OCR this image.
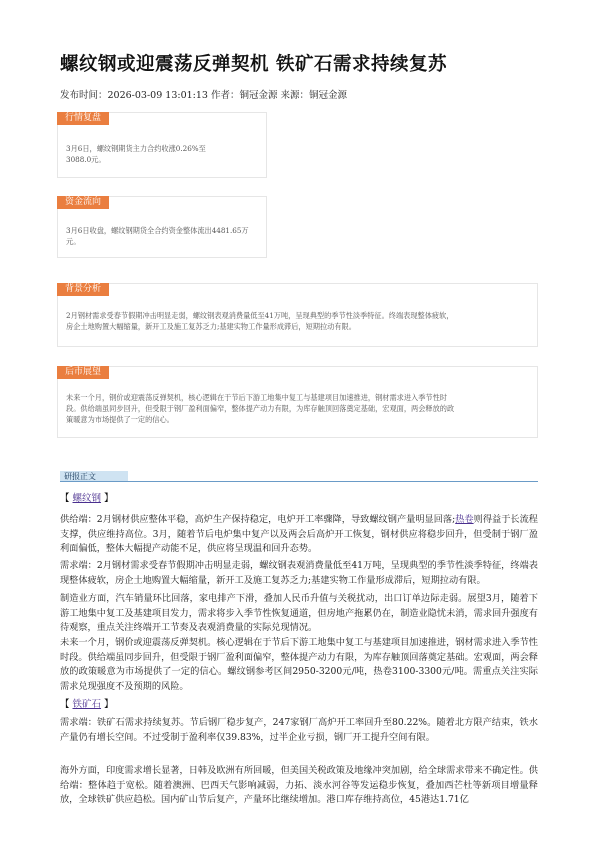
螺纹钢或迎震荡反弹契机 铁矿石需求持续复苏
发布时间：2026-03-09 13:01:13 作者：铜冠金源 来源：铜冠金源
行情复盘
3月6日，螺纹钢期货主力合约收涨0.26%至
3088.0元。
资金流向
3月6日收盘，螺纹钢期货全合约资金整体流出4481.65万
元。
背景分析
2月钢材需求受春节假期冲击明显走弱，螺纹钢表观消费量低至41万吨，呈现典型的季节性淡季特征。终端表现整体疲软，
房企土地购置大幅缩量，新开工及施工复苏乏力;基建实物工作量形成滞后，短期拉动有限。
后市展望
未来一个月，钢价或迎震荡反弹契机，核心逻辑在于节后下游工地集中复工与基建项目加速推进，钢材需求进入季节性时
段。供给端虽同步回升，但受限于钢厂盈利面偏窄，整体提产动力有限，为库存触顶回落奠定基础，宏观面，两会释放的政
策暖意为市场提供了一定的信心。
研报正文
【 螺纹钢 】
供给端：2月钢材供应整体平稳，高炉生产保持稳定，电炉开工率骤降，导致螺纹钢产量明显回落;热卷则得益于长流程支撑，供应维持高位。3月，随着节后电炉集中复产以及两会后高炉开工恢复，钢材供应将稳步回升，但受制于钢厂盈利面偏低，整体大幅提产动能不足，供应将呈现温和回升态势。
需求端：2月钢材需求受春节假期冲击明显走弱，螺纹钢表观消费量低至41万吨，呈现典型的季节性淡季特征，终端表现整体疲软，房企土地购置大幅缩量，新开工及施工复苏乏力;基建实物工作量形成滞后，短期拉动有限。
制造业方面，汽车销量环比回落，家电排产下滑，叠加人民币升值与关税扰动，出口订单边际走弱。展望3月，随着下游工地集中复工及基建项目发力，需求将步入季节性恢复通道，但房地产拖累仍在，制造业隐忧未消，需求回升强度有待观察，重点关注终端开工节奏及表观消费量的实际兑现情况。
未来一个月，钢价或迎震荡反弹契机。核心逻辑在于节后下游工地集中复工与基建项目加速推进，钢材需求进入季节性时段。供给端虽同步回升，但受限于钢厂盈利面偏窄，整体提产动力有限，为库存触顶回落奠定基础。宏观面，两会释放的政策暖意为市场提供了一定的信心。螺纹钢参考区间2950-3200元/吨，热卷3100-3300元/吨。需重点关注实际需求兑现强度不及预期的风险。
【 铁矿石 】
需求端：铁矿石需求持续复苏。节后钢厂稳步复产，247家钢厂高炉开工率回升至80.22%。随着北方限产结束，铁水产量仍有增长空间。不过受制于盈利率仅39.83%，过半企业亏损，钢厂开工提升空间有限。
海外方面，印度需求增长显著，日韩及欧洲有所回暖，但美国关税政策及地缘冲突加剧，给全球需求带来不确定性。供给端：整体趋于宽松。随着澳洲、巴西天气影响减弱，力拓、淡水河谷等发运稳步恢复，叠加西芒杜等新项目增量释放，全球铁矿供应趋松。国内矿山节后复产，产量环比继续增加。港口库存维持高位，45港达1.71亿
